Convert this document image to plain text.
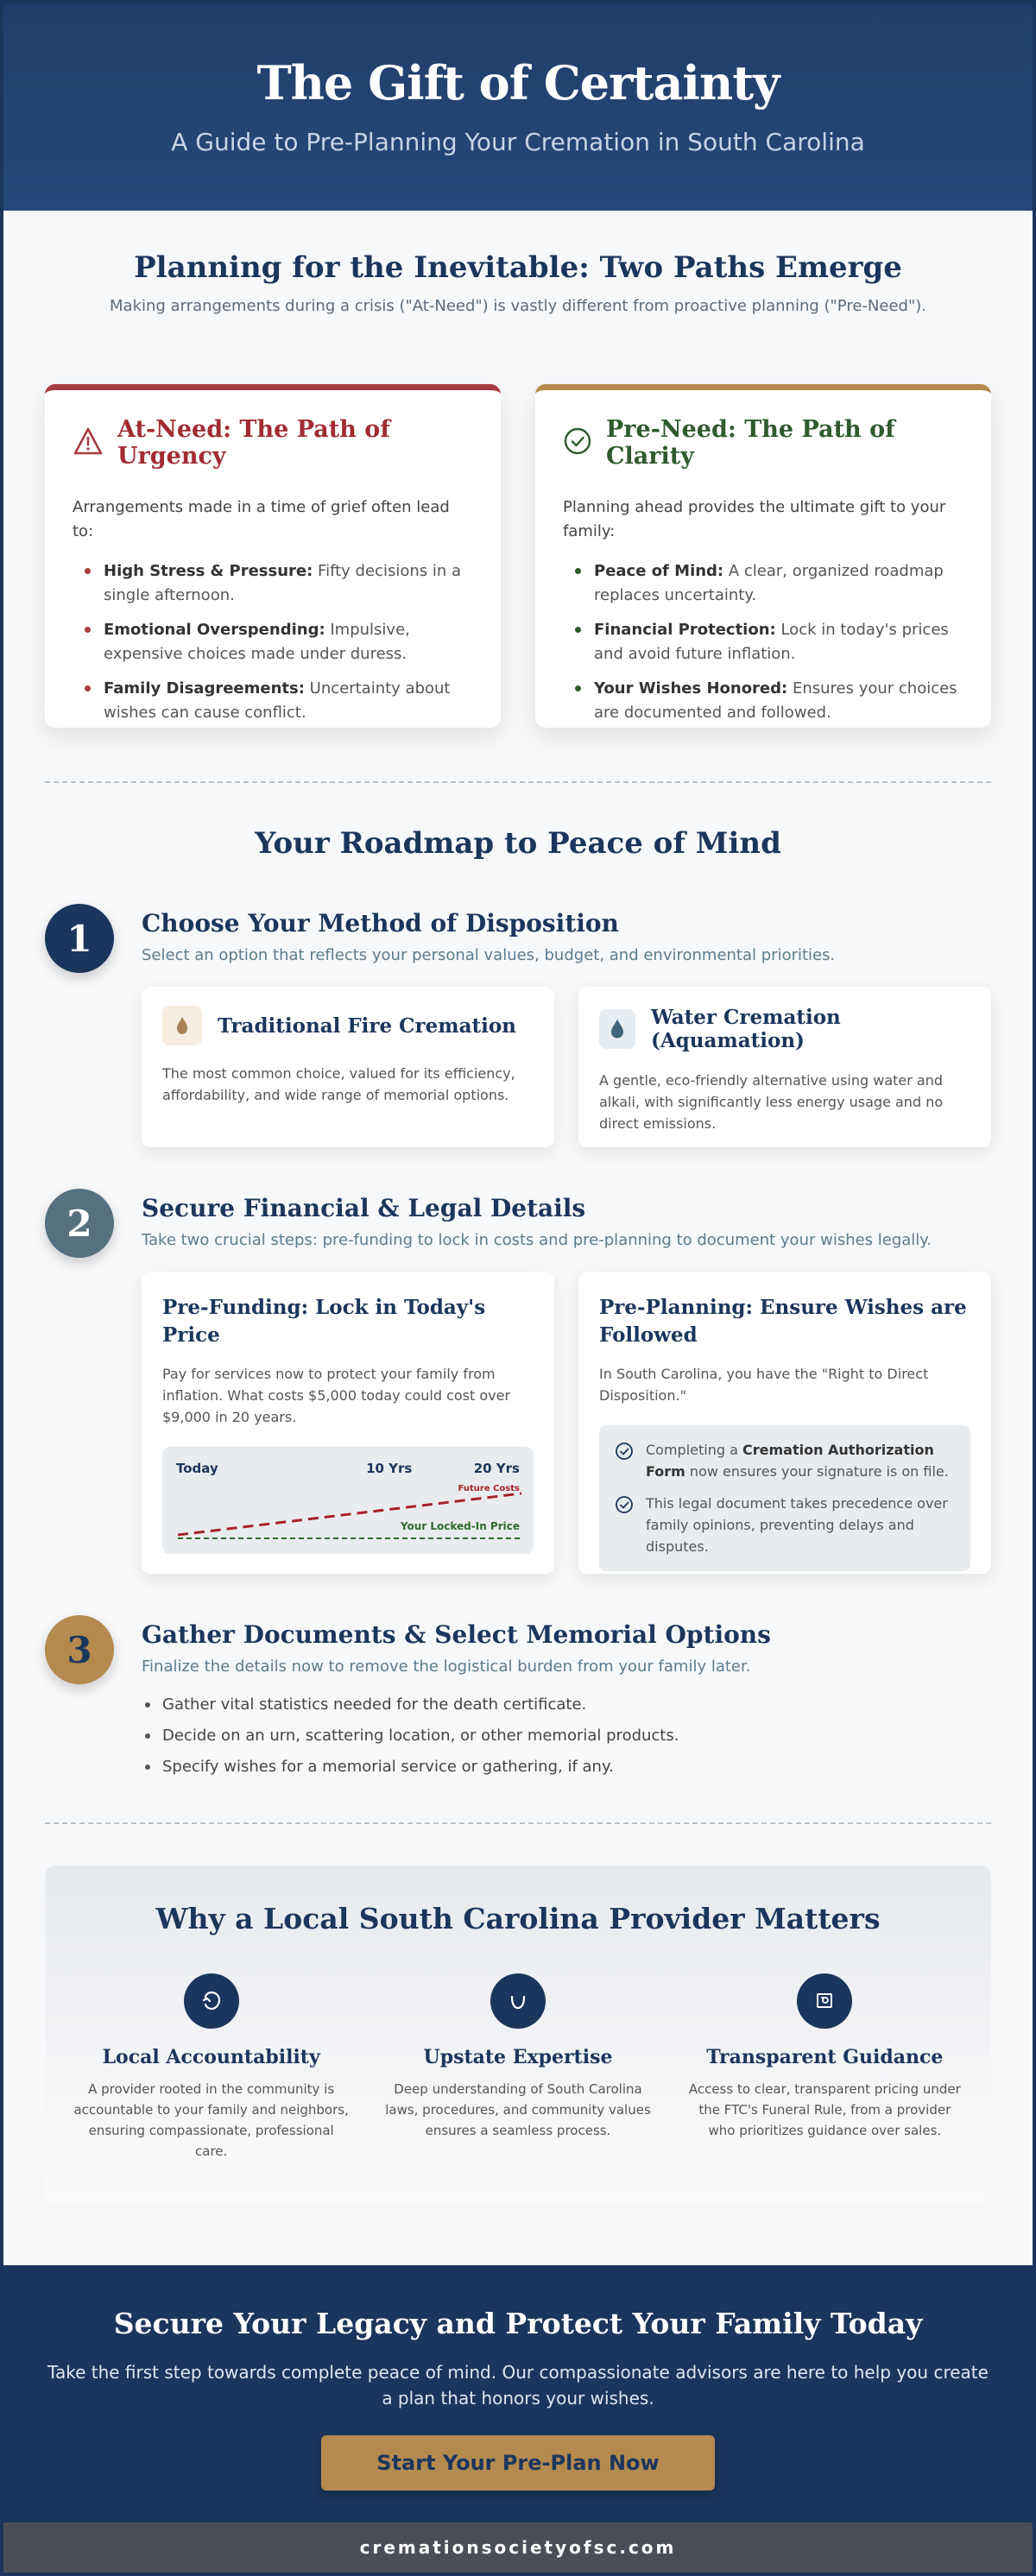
The Gift of Certainty

A Guide to Pre-Planning Your Cremation in South Carolina

Planning for the Inevitable: Two Paths Emerge

Making arrangements during a crisis ("At-Need") is vastly different from proactive planning ("Pre-Need").

At-Need: The Path of Urgency

Arrangements made in a time of grief often lead to:

High Stress & Pressure: Fifty decisions in a single afternoon.
Emotional Overspending: Impulsive, expensive choices made under duress.
Family Disagreements: Uncertainty about wishes can cause conflict.
Pre-Need: The Path of Clarity

Planning ahead provides the ultimate gift to your family:

Peace of Mind: A clear, organized roadmap replaces uncertainty.
Financial Protection: Lock in today's prices and avoid future inflation.
Your Wishes Honored: Ensures your choices are documented and followed.
Your Roadmap to Peace of Mind
1	Choose Your Method of Disposition

Select an option that reflects your personal values, budget, and environmental priorities.

Traditional Fire Cremation

The most common choice, valued for its efficiency, affordability, and wide range of memorial options.

Water Cremation (Aquamation)

A gentle, eco-friendly alternative using water and alkali, with significantly less energy usage and no direct emissions.

2	Secure Financial & Legal Details

Take two crucial steps: pre-funding to lock in costs and pre-planning to document your wishes legally.

Pre-Funding: Lock in Today's Price

Pay for services now to protect your family from inflation. What costs $5,000 today could cost over $9,000 in 20 years.

Today	10 Yrs	20 Yrs
Future Costs
Your Locked-In Price
Pre-Planning: Ensure Wishes are Followed

In South Carolina, you have the "Right to Direct Disposition."

Completing a Cremation Authorization Form now ensures your signature is on file.

This legal document takes precedence over family opinions, preventing delays and disputes.

3	Gather Documents & Select Memorial Options

Finalize the details now to remove the logistical burden from your family later.

Gather vital statistics needed for the death certificate.
Decide on an urn, scattering location, or other memorial products.
Specify wishes for a memorial service or gathering, if any.
Why a Local South Carolina Provider Matters
Local Accountability

A provider rooted in the community is accountable to your family and neighbors, ensuring compassionate, professional care.

Upstate Expertise

Deep understanding of South Carolina laws, procedures, and community values ensures a seamless process.

Transparent Guidance

Access to clear, transparent pricing under the FTC's Funeral Rule, from a provider who prioritizes guidance over sales.

Secure Your Legacy and Protect Your Family Today

Take the first step towards complete peace of mind. Our compassionate advisors are here to help you create a plan that honors your wishes.

Start Your Pre-Plan Now
cremationsocietyofsc.com
